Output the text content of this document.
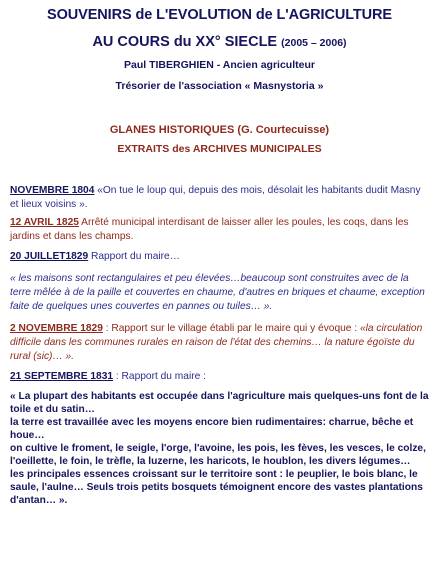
SOUVENIRS de L'EVOLUTION de L'AGRICULTURE
AU COURS du XX° SIECLE (2005 – 2006)
Paul TIBERGHIEN - Ancien agriculteur
Trésorier de l'association « Masnystoria »
GLANES HISTORIQUES (G. Courtecuisse)
EXTRAITS des ARCHIVES MUNICIPALES
NOVEMBRE 1804 «On tue le loup qui, depuis des mois, désolait les habitants dudit Masny et lieux voisins ».
12 AVRIL 1825 Arrêté municipal interdisant de laisser aller les poules, les coqs, dans les jardins et dans les champs.
20 JUILLET1829 Rapport du maire…
« les maisons sont rectangulaires et peu élevées…beaucoup sont construites avec de la terre mêlée à de la paille et couvertes en chaume, d'autres en briques et chaume, exception faite de quelques unes couvertes en pannes ou tuiles… ».
2 NOVEMBRE 1829 : Rapport sur le village établi par le maire qui y évoque : «la circulation difficile dans les communes rurales en raison de l'état des chemins… la nature égoïste du rural (sic)… ».
21 SEPTEMBRE 1831 : Rapport du maire :
« La plupart des habitants est occupée dans l'agriculture mais quelques-uns font de la toile et du satin…
la terre est travaillée avec les moyens encore bien rudimentaires: charrue, bêche et houe…
on cultive le froment, le seigle, l'orge, l'avoine, les pois, les fèves, les vesces, le colze, l'oeillette, le foin, le trèfle, la luzerne, les haricots, le houblon, les divers légumes…
les principales essences croissant sur le territoire sont : le peuplier, le bois blanc, le saule, l'aulne… Seuls trois petits bosquets témoignent encore des vastes plantations d'antan… ».
